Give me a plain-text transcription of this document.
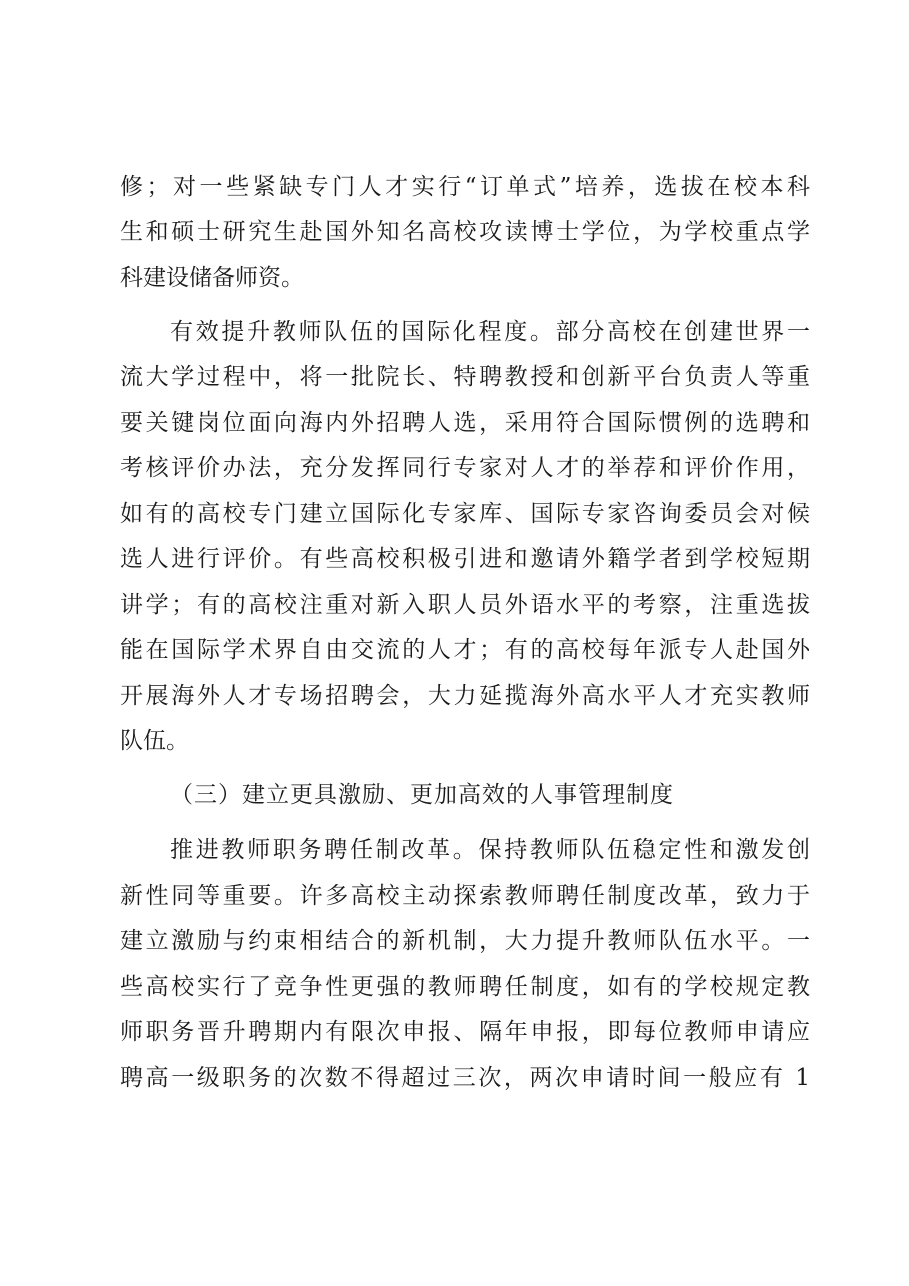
修；对一些紧缺专门人才实行“订单式”培养，选拔在校本科
生和硕士研究生赴国外知名高校攻读博士学位，为学校重点学
科建设储备师资。
有效提升教师队伍的国际化程度。部分高校在创建世界一
流大学过程中，将一批院长、特聘教授和创新平台负责人等重
要关键岗位面向海内外招聘人选，采用符合国际惯例的选聘和
考核评价办法，充分发挥同行专家对人才的举荐和评价作用，
如有的高校专门建立国际化专家库、国际专家咨询委员会对候
选人进行评价。有些高校积极引进和邀请外籍学者到学校短期
讲学；有的高校注重对新入职人员外语水平的考察，注重选拔
能在国际学术界自由交流的人才；有的高校每年派专人赴国外
开展海外人才专场招聘会，大力延揽海外高水平人才充实教师
队伍。
（三）建立更具激励、更加高效的人事管理制度
推进教师职务聘任制改革。保持教师队伍稳定性和激发创
新性同等重要。许多高校主动探索教师聘任制度改革，致力于
建立激励与约束相结合的新机制，大力提升教师队伍水平。一
些高校实行了竞争性更强的教师聘任制度，如有的学校规定教
师职务晋升聘期内有限次申报、隔年申报，即每位教师申请应
聘高一级职务的次数不得超过三次，两次申请时间一般应有 1
